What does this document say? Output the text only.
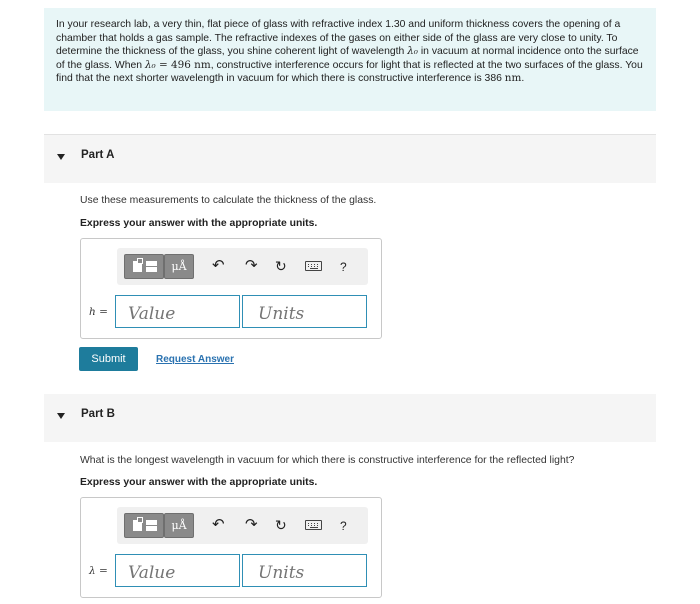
In your research lab, a very thin, flat piece of glass with refractive index 1.30 and uniform thickness covers the opening of a chamber that holds a gas sample. The refractive indexes of the gases on either side of the glass are very close to unity. To determine the thickness of the glass, you shine coherent light of wavelength λ₀ in vacuum at normal incidence onto the surface of the glass. When λ₀ = 496 nm, constructive interference occurs for light that is reflected at the two surfaces of the glass. You find that the next shorter wavelength in vacuum for which there is constructive interference is 386 nm.
Part A
Use these measurements to calculate the thickness of the glass.
Express your answer with the appropriate units.
μÅ	↶ ↷ ↻	?
h =
Value
Units
Submit	Request Answer
Part B
What is the longest wavelength in vacuum for which there is constructive interference for the reflected light?
Express your answer with the appropriate units.
μÅ	↶ ↷ ↻	?
λ =
Value
Units
